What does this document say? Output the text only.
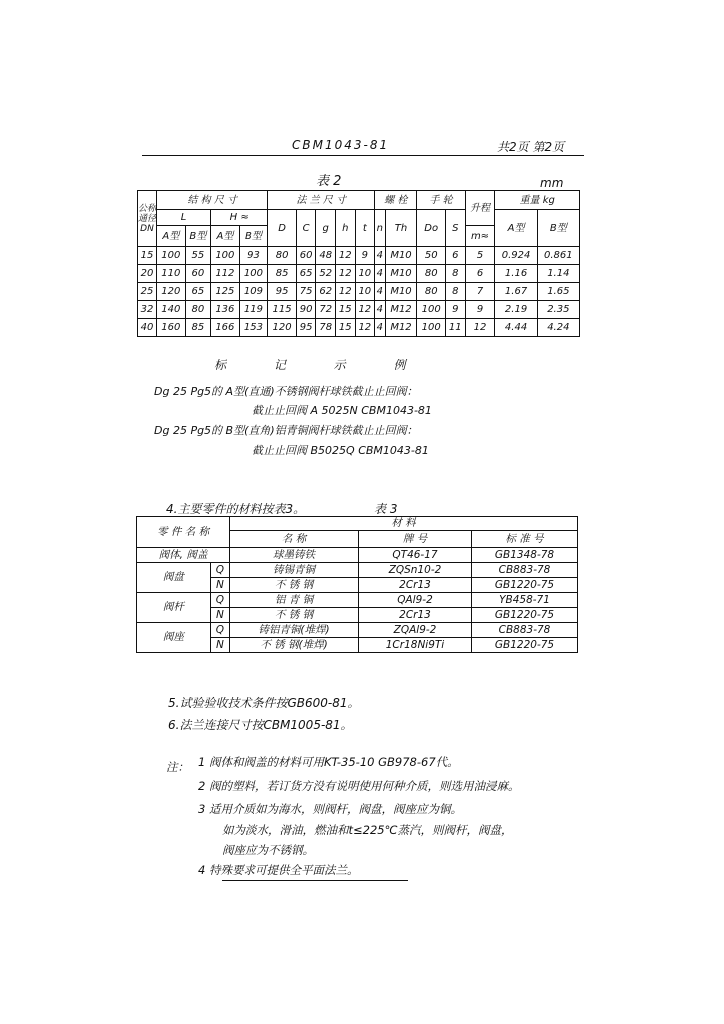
CBM1043-81	共2页 第2页
表 2	mm
公称通径DN	结 构 尺 寸				法 兰 尺 寸					螺 栓		手 轮		升程	重量 kg	
	L		H ≈		D	C	g	h	t	n	Th	Do	S		A型	B型
	A型	B型	A型	B型										m≈		
15	100	55	100	93	80	60	48	12	9	4	M10	50	6	5	0.924	0.861
20	110	60	112	100	85	65	52	12	10	4	M10	80	8	6	1.16	1.14
25	120	65	125	109	95	75	62	12	10	4	M10	80	8	7	1.67	1.65
32	140	80	136	119	115	90	72	15	12	4	M12	100	9	9	2.19	2.35
40	160	85	166	153	120	95	78	15	12	4	M12	100	11	12	4.44	4.24
标 记 示 例
Dg 25 Pg5的 A型(直通)不锈钢阀杆球铁截止止回阀：
截止止回阀 A 5025N CBM1043-81
Dg 25 Pg5的 B型(直角)铝青铜阀杆球铁截止止回阀：
截止止回阀 B5025Q CBM1043-81
4.主要零件的材料按表3。	表 3
零 件 名 称		材 料		
		名 称	牌 号	标 准 号
阀体, 阀盖		球墨铸铁	QT46-17	GB1348-78
阀盘	Q	铸锡青铜	ZQSn10-2	CB883-78
	N	不 锈 钢	2Cr13	GB1220-75
阀杆	Q	铝 青 铜	QAl9-2	YB458-71
	N	不 锈 钢	2Cr13	GB1220-75
阀座	Q	铸铝青铜(堆焊)	ZQAl9-2	CB883-78
	N	不 锈 钢(堆焊)	1Cr18Ni9Ti	GB1220-75
5.试验验收技术条件按GB600-81。
6.法兰连接尺寸按CBM1005-81。
注： 1 阀体和阀盖的材料可用KT-35-10 GB978-67代。
2 阀的塑料，若订货方没有说明使用何种介质，则选用油浸麻。
3 适用介质如为海水，则阀杆，阀盘，阀座应为铜。
如为淡水，滑油，燃油和t≤225℃蒸汽，则阀杆，阀盘，
阀座应为不锈钢。
4 特殊要求可提供全平面法兰。
